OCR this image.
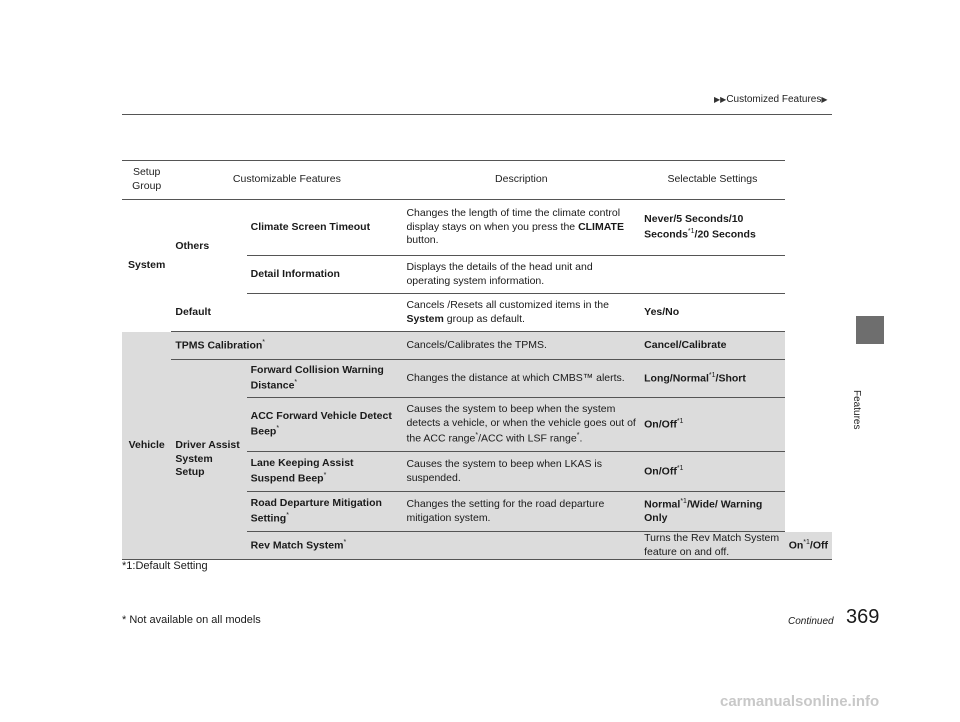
▶▶Customized Features▶
Features
Setup
Group	Customizable Features		Description	Selectable Settings	
System	Others	Climate Screen Timeout	Changes the length of time the climate control display stays on when you press the CLIMATE button.	Never/5 Seconds/10 Seconds$^{*1}$/20 Seconds	
		Detail Information	Displays the details of the head unit and operating system information.		
	Default		Cancels /Resets all customized items in the System group as default.	Yes/No	
Vehicle	TPMS Calibration*		Cancels/Calibrates the TPMS.	Cancel/Calibrate	
	Driver Assist System Setup	Forward Collision Warning Distance*	Changes the distance at which CMBS™ alerts.	Long/Normal$^{*1}$/Short	
		ACC Forward Vehicle Detect Beep*	Causes the system to beep when the system detects a vehicle, or when the vehicle goes out of the ACC range*/ACC with LSF range*.	On/Off$^{*1}$
		Lane Keeping Assist Suspend Beep*	Causes the system to beep when LKAS is suspended.	On/Off$^{*1}$
		Road Departure Mitigation Setting*	Changes the setting for the road departure mitigation system.	Normal$^{*1}$/Wide/ Warning Only	
		Rev Match System*		Turns the Rev Match System feature on and off.	On$^{*1}$/Off
*1:Default Setting
* Not available on all models	Continued 369
carmanualsonline.info
